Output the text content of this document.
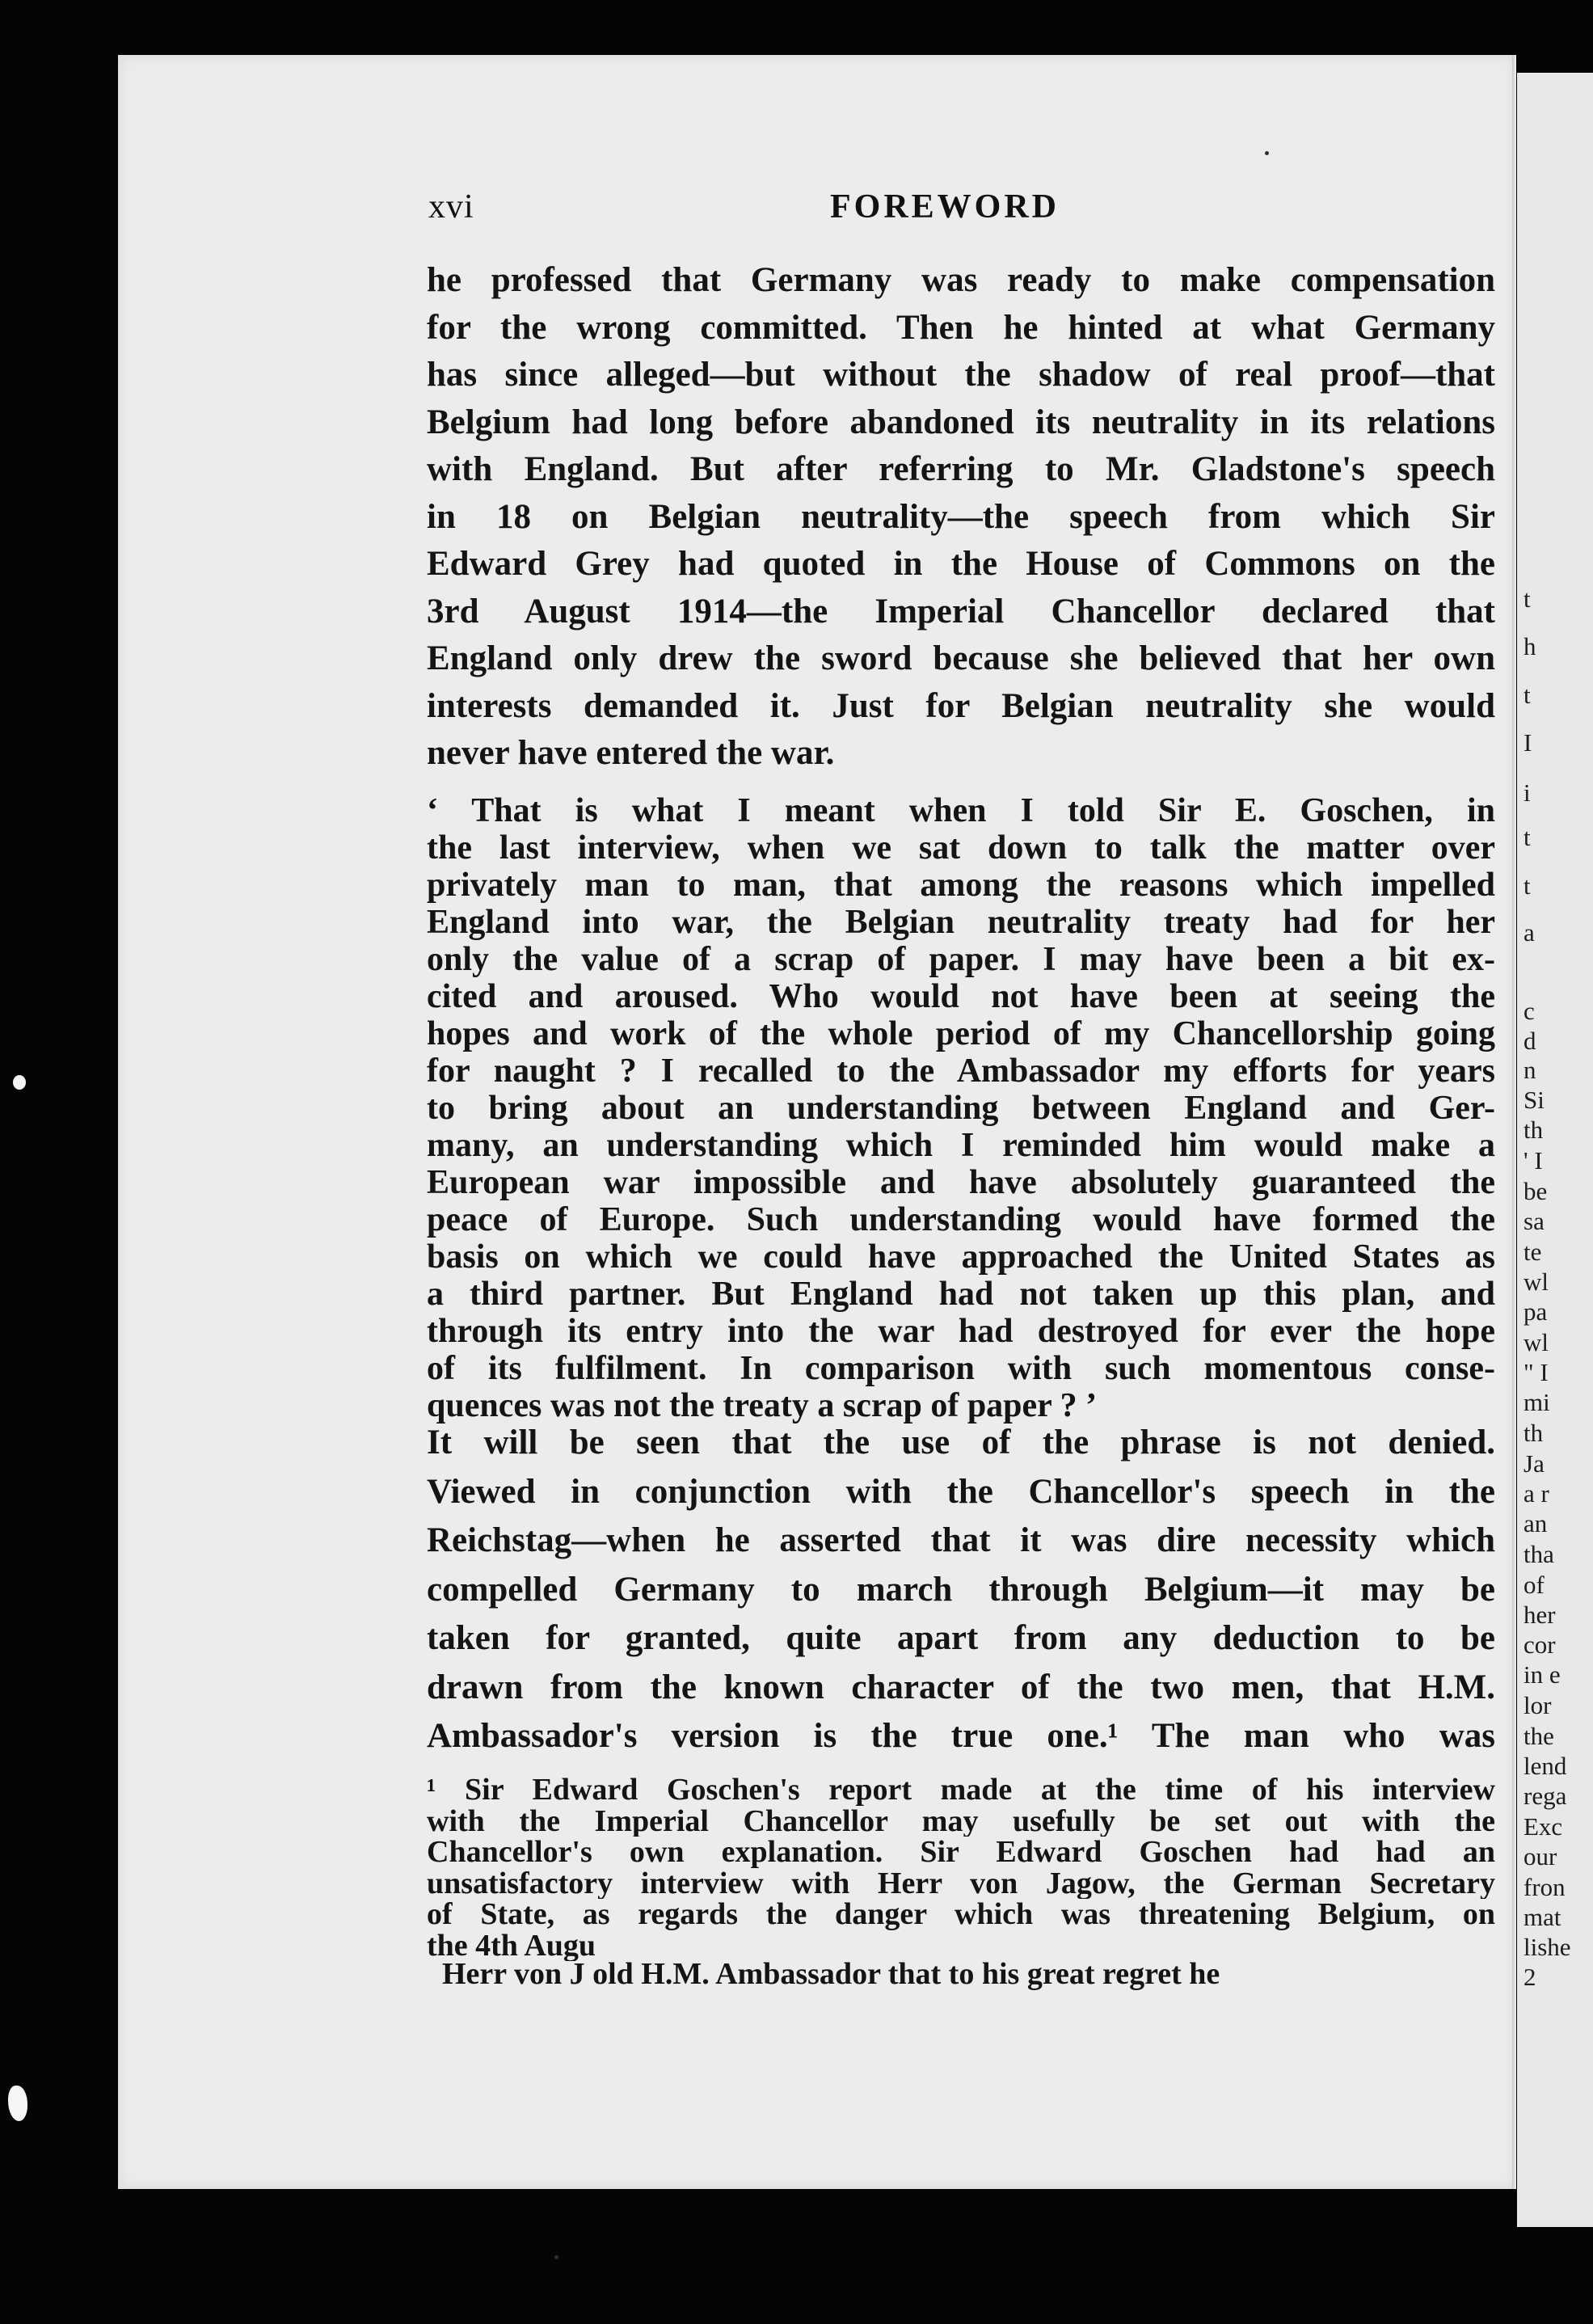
t
h
t
I
i
t
t
a
c
d
n
Si
th
' I
be
sa
te
wl
pa
wl
" I
mi
th
Ja
a r
an
tha
of
her
cor
in e
lor
the
lend
rega
Exc
our
fron
mat
lishe
2
xvi	FOREWORD
he professed that Germany was ready to make compensation
for the wrong committed. Then he hinted at what Germany
has since alleged—but without the shadow of real proof—that
Belgium had long before abandoned its neutrality in its relations
with England. But after referring to Mr. Gladstone's speech
in 18 on Belgian neutrality—the speech from which Sir
Edward Grey had quoted in the House of Commons on the
3rd August 1914—the Imperial Chancellor declared that
England only drew the sword because she believed that her own
interests demanded it. Just for Belgian neutrality she would
never have entered the war.
‘ That is what I meant when I told Sir E. Goschen, in
the last interview, when we sat down to talk the matter over
privately man to man, that among the reasons which impelled
England into war, the Belgian neutrality treaty had for her
only the value of a scrap of paper. I may have been a bit ex-
cited and aroused. Who would not have been at seeing the
hopes and work of the whole period of my Chancellorship going
for naught ? I recalled to the Ambassador my efforts for years
to bring about an understanding between England and Ger-
many, an understanding which I reminded him would make a
European war impossible and have absolutely guaranteed the
peace of Europe. Such understanding would have formed the
basis on which we could have approached the United States as
a third partner. But England had not taken up this plan, and
through its entry into the war had destroyed for ever the hope
of its fulfilment. In comparison with such momentous conse-
quences was not the treaty a scrap of paper ? ’
It will be seen that the use of the phrase is not denied.
Viewed in conjunction with the Chancellor's speech in the
Reichstag—when he asserted that it was dire necessity which
compelled Germany to march through Belgium—it may be
taken for granted, quite apart from any deduction to be
drawn from the known character of the two men, that H.M.
Ambassador's version is the true one.¹ The man who was
¹ Sir Edward Goschen's report made at the time of his interview
with the Imperial Chancellor may usefully be set out with the
Chancellor's own explanation. Sir Edward Goschen had had an
unsatisfactory interview with Herr von Jagow, the German Secretary
of State, as regards the danger which was threatening Belgium, on
the 4th Augu
Herr von J old H.M. Ambassador that to his great regret he
